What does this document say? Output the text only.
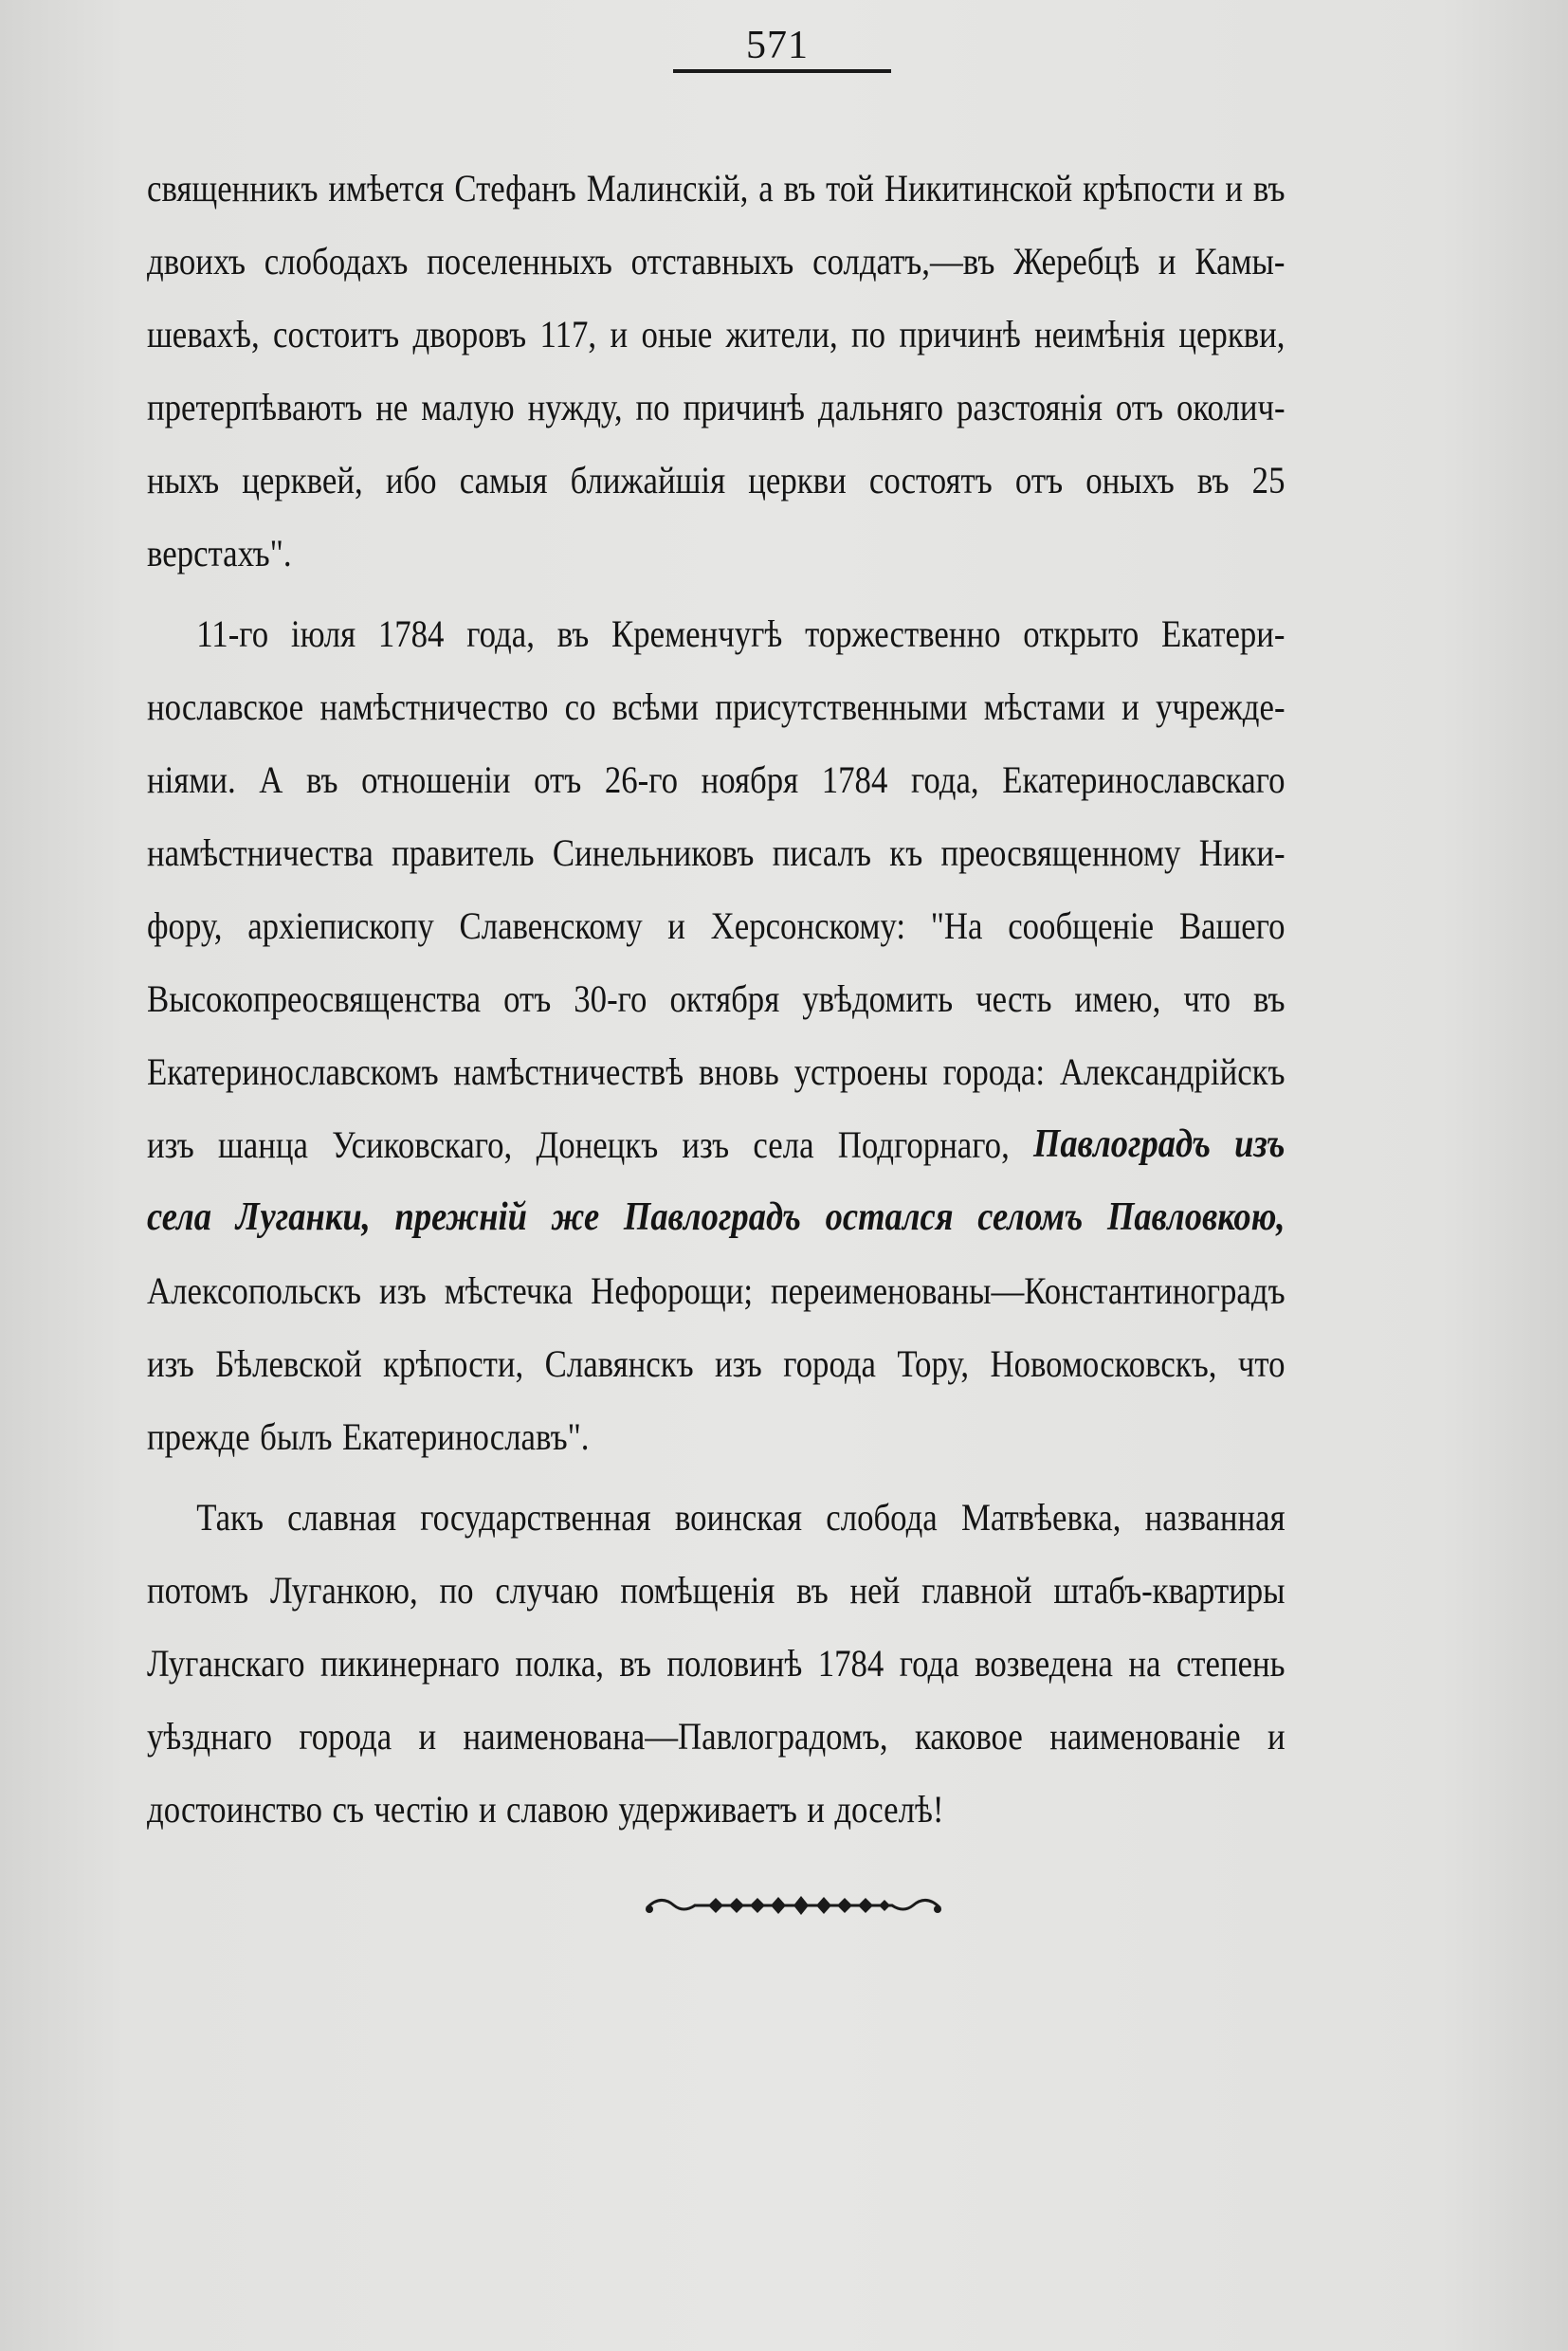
571
священникъ имѣется Стефанъ Малинскій, а въ той Никитинской крѣпости и въ
двоихъ слободахъ поселенныхъ отставныхъ солдатъ,—въ Жеребцѣ и Камы-
шевахѣ, состоитъ дворовъ 117, и оные жители, по причинѣ неимѣнія церкви,
претерпѣваютъ не малую нужду, по причинѣ дальняго разстоянія отъ околич-
ныхъ церквей, ибо самыя ближайшія церкви состоятъ отъ оныхъ въ 25
верстахъ".
11-го іюля 1784 года, въ Кременчугѣ торжественно открыто Екатери-
нославское намѣстничество со всѣми присутственными мѣстами и учрежде-
ніями. А въ отношеніи отъ 26-го ноября 1784 года, Екатеринославскаго
намѣстничества правитель Синельниковъ писалъ къ преосвященному Ники-
фору, архіепископу Славенскому и Херсонскому: "На сообщеніе Вашего
Высокопреосвященства отъ 30-го октября увѣдомить честь имею, что въ
Екатеринославскомъ намѣстничествѣ вновь устроены города: Александрійскъ
изъ шанца Усиковскаго, Донецкъ изъ села Подгорнаго, Павлоградъ изъ
села Луганки, прежній же Павлоградъ остался селомъ Павловкою,
Алексопольскъ изъ мѣстечка Нефорощи; переименованы—Константиноградъ
изъ Бѣлевской крѣпости, Славянскъ изъ города Тору, Новомосковскъ, что
прежде былъ Екатеринославъ".
Такъ славная государственная воинская слобода Матвѣевка, названная
потомъ Луганкою, по случаю помѣщенія въ ней главной штабъ-квартиры
Луганскаго пикинернаго полка, въ половинѣ 1784 года возведена на степень
уѣзднаго города и наименована—Павлоградомъ, каковое наименованіе и
достоинство съ честію и славою удерживаетъ и доселѣ!
